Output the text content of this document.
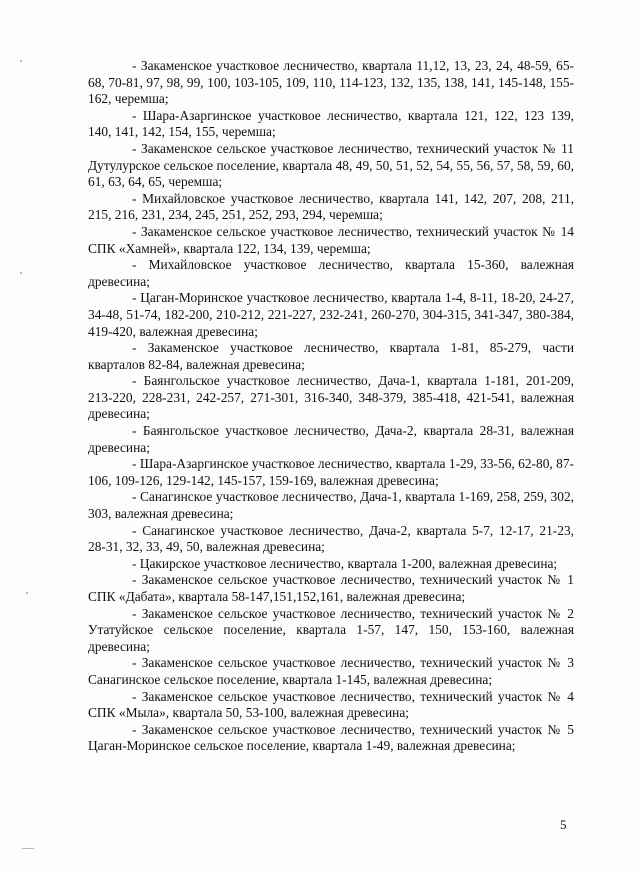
- Закаменское участковое лесничество, квартала 11,12, 13, 23, 24, 48-59, 65-68, 70-81, 97, 98, 99, 100, 103-105, 109, 110, 114-123, 132, 135, 138, 141, 145-148, 155-162, черемша;

- Шара-Азаргинское участковое лесничество, квартала 121, 122, 123 139, 140, 141, 142, 154, 155, черемша;

- Закаменское сельское участковое лесничество, технический участок № 11 Дутулурское сельское поселение, квартала 48, 49, 50, 51, 52, 54, 55, 56, 57, 58, 59, 60, 61, 63, 64, 65, черемша;

- Михайловское участковое лесничество, квартала 141, 142, 207, 208, 211, 215, 216, 231, 234, 245, 251, 252, 293, 294, черемша;

- Закаменское сельское участковое лесничество, технический участок № 14 СПК «Хамней», квартала 122, 134, 139, черемша;

- Михайловское участковое лесничество, квартала 15-360, валежная древесина;

- Цаган-Моринское участковое лесничество, квартала 1-4, 8-11, 18-20, 24-27, 34-48, 51-74, 182-200, 210-212, 221-227, 232-241, 260-270, 304-315, 341-347, 380-384, 419-420, валежная древесина;

- Закаменское участковое лесничество, квартала 1-81, 85-279, части кварталов 82-84, валежная древесина;

- Баянгольское участковое лесничество, Дача-1, квартала 1-181, 201-209, 213-220, 228-231, 242-257, 271-301, 316-340, 348-379, 385-418, 421-541, валежная древесина;

- Баянгольское участковое лесничество, Дача-2, квартала 28-31, валежная древесина;

- Шара-Азаргинское участковое лесничество, квартала 1-29, 33-56, 62-80, 87-106, 109-126, 129-142, 145-157, 159-169, валежная древесина;

- Санагинское участковое лесничество, Дача-1, квартала 1-169, 258, 259, 302, 303, валежная древесина;

- Санагинское участковое лесничество, Дача-2, квартала 5-7, 12-17, 21-23, 28-31, 32, 33, 49, 50, валежная древесина;

- Цакирское участковое лесничество, квартала 1-200, валежная древесина;

- Закаменское сельское участковое лесничество, технический участок № 1 СПК «Дабата», квартала 58-147,151,152,161, валежная древесина;

- Закаменское сельское участковое лесничество, технический участок № 2 Утатуйское сельское поселение, квартала 1-57, 147, 150, 153-160, валежная древесина;

- Закаменское сельское участковое лесничество, технический участок № 3 Санагинское сельское поселение, квартала 1-145, валежная древесина;

- Закаменское сельское участковое лесничество, технический участок № 4 СПК «Мыла», квартала 50, 53-100, валежная древесина;

- Закаменское сельское участковое лесничество, технический участок № 5 Цаган-Моринское сельское поселение, квартала 1-49, валежная древесина;

5
